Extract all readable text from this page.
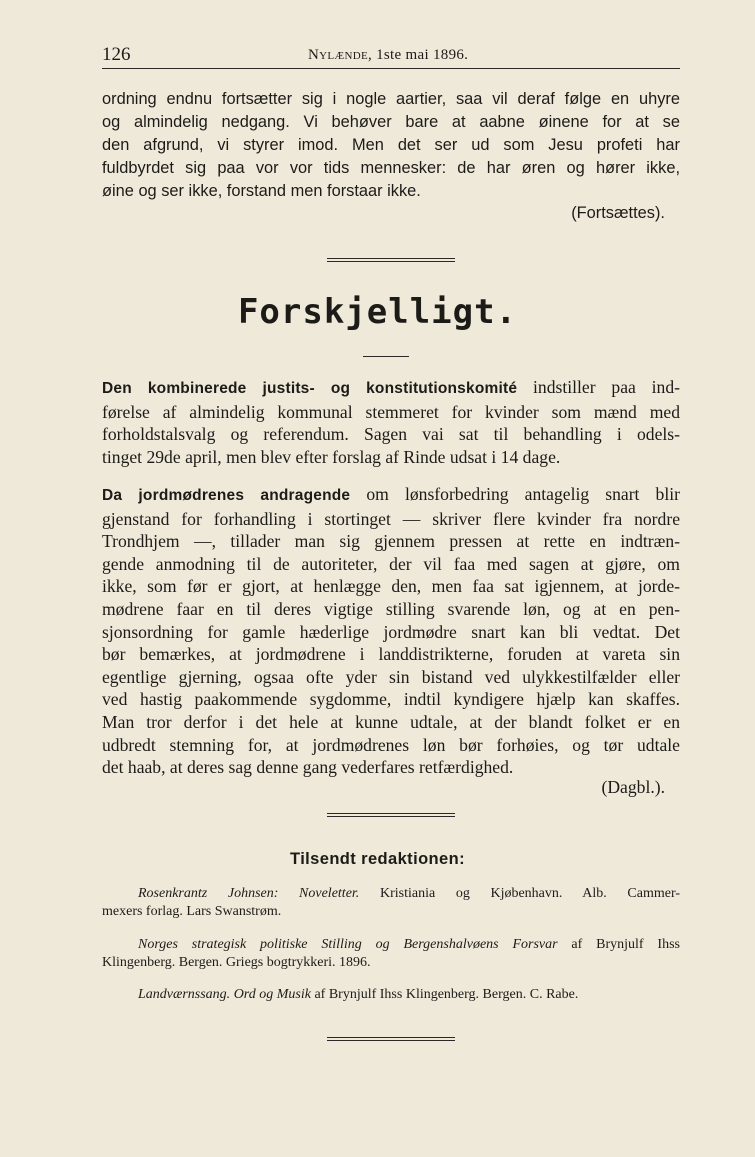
126	Nylænde, 1ste mai 1896.
ordning endnu fortsætter sig i nogle aartier, saa vil deraf følge en uhyre
og almindelig nedgang. Vi behøver bare at aabne øinene for at se
den afgrund, vi styrer imod. Men det ser ud som Jesu profeti har
fuldbyrdet sig paa vor vor tids mennesker: de har øren og hører ikke,
øine og ser ikke, forstand men forstaar ikke.
(Fortsættes).
Forskjelligt.
Den kombinerede justits- og konstitutionskomité indstiller paa ind-
førelse af almindelig kommunal stemmeret for kvinder som mænd med
forholdstalsvalg og referendum. Sagen vai sat til behandling i odels-
tinget 29de april, men blev efter forslag af Rinde udsat i 14 dage.
Da jordmødrenes andragende om lønsforbedring antagelig snart blir
gjenstand for forhandling i stortinget — skriver flere kvinder fra nordre
Trondhjem —, tillader man sig gjennem pressen at rette en indtræn-
gende anmodning til de autoriteter, der vil faa med sagen at gjøre, om
ikke, som før er gjort, at henlægge den, men faa sat igjennem, at jorde-
mødrene faar en til deres vigtige stilling svarende løn, og at en pen-
sjonsordning for gamle hæderlige jordmødre snart kan bli vedtat. Det
bør bemærkes, at jordmødrene i landdistrikterne, foruden at vareta sin
egentlige gjerning, ogsaa ofte yder sin bistand ved ulykkestilfælder eller
ved hastig paakommende sygdomme, indtil kyndigere hjælp kan skaffes.
Man tror derfor i det hele at kunne udtale, at der blandt folket er en
udbredt stemning for, at jordmødrenes løn bør forhøies, og tør udtale
det haab, at deres sag denne gang vederfares retfærdighed.
(Dagbl.).
Tilsendt redaktionen:
Rosenkrantz Johnsen: Noveletter. Kristiania og Kjøbenhavn. Alb. Cammer-
mexers forlag. Lars Swanstrøm.
Norges strategisk politiske Stilling og Bergenshalvøens Forsvar af Brynjulf Ihss
Klingenberg. Bergen. Griegs bogtrykkeri. 1896.
Landværnssang. Ord og Musik af Brynjulf Ihss Klingenberg. Bergen. C. Rabe.
